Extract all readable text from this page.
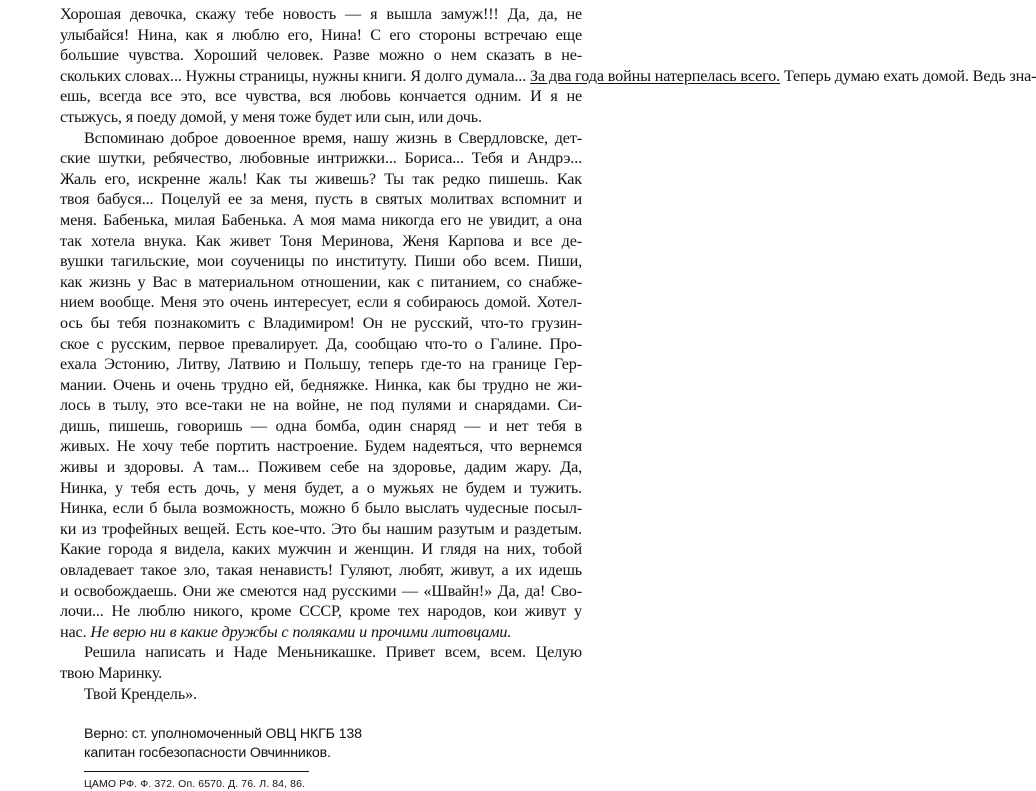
Хорошая девочка, скажу тебе новость — я вышла замуж!!! Да, да, не
улыбайся! Нина, как я люблю его, Нина! С его стороны встречаю еще
большие чувства. Хороший человек. Разве можно о нем сказать в не-
скольких словах... Нужны страницы, нужны книги. Я долго думала... За два года войны натерпелась всего. Теперь думаю ехать домой. Ведь зна-
ешь, всегда все это, все чувства, вся любовь кончается одним. И я не
стыжусь, я поеду домой, у меня тоже будет или сын, или дочь.
Вспоминаю доброе довоенное время, нашу жизнь в Свердловске, дет-
ские шутки, ребячество, любовные интрижки... Бориса... Тебя и Андрэ...
Жаль его, искренне жаль! Как ты живешь? Ты так редко пишешь. Как
твоя бабуся... Поцелуй ее за меня, пусть в святых молитвах вспомнит и
меня. Бабенька, милая Бабенька. А моя мама никогда его не увидит, а она
так хотела внука. Как живет Тоня Меринова, Женя Карпова и все де-
вушки тагильские, мои соученицы по институту. Пиши обо всем. Пиши,
как жизнь у Вас в материальном отношении, как с питанием, со снабже-
нием вообще. Меня это очень интересует, если я собираюсь домой. Хотел-
ось бы тебя познакомить с Владимиром! Он не русский, что-то грузин-
ское с русским, первое превалирует. Да, сообщаю что-то о Галине. Про-
ехала Эстонию, Литву, Латвию и Польшу, теперь где-то на границе Гер-
мании. Очень и очень трудно ей, бедняжке. Нинка, как бы трудно не жи-
лось в тылу, это все-таки не на войне, не под пулями и снарядами. Си-
дишь, пишешь, говоришь — одна бомба, один снаряд — и нет тебя в
живых. Не хочу тебе портить настроение. Будем надеяться, что вернемся
живы и здоровы. А там... Поживем себе на здоровье, дадим жару. Да,
Нинка, у тебя есть дочь, у меня будет, а о мужьях не будем и тужить.
Нинка, если б была возможность, можно б было выслать чудесные посыл-
ки из трофейных вещей. Есть кое-что. Это бы нашим разутым и раздетым.
Какие города я видела, каких мужчин и женщин. И глядя на них, тобой
овладевает такое зло, такая ненависть! Гуляют, любят, живут, а их идешь
и освобождаешь. Они же смеются над русскими — «Швайн!» Да, да! Сво-
лочи... Не люблю никого, кроме СССР, кроме тех народов, кои живут у
нас. Не верю ни в какие дружбы с поляками и прочими литовцами.
Решила написать и Наде Меньникашке. Привет всем, всем. Целую
твою Маринку.
Твой Крендель».
Верно: ст. уполномоченный ОВЦ НКГБ 138
капитан госбезопасности Овчинников.
ЦАМО РФ. Ф. 372. Оп. 6570. Д. 76. Л. 84, 86.
